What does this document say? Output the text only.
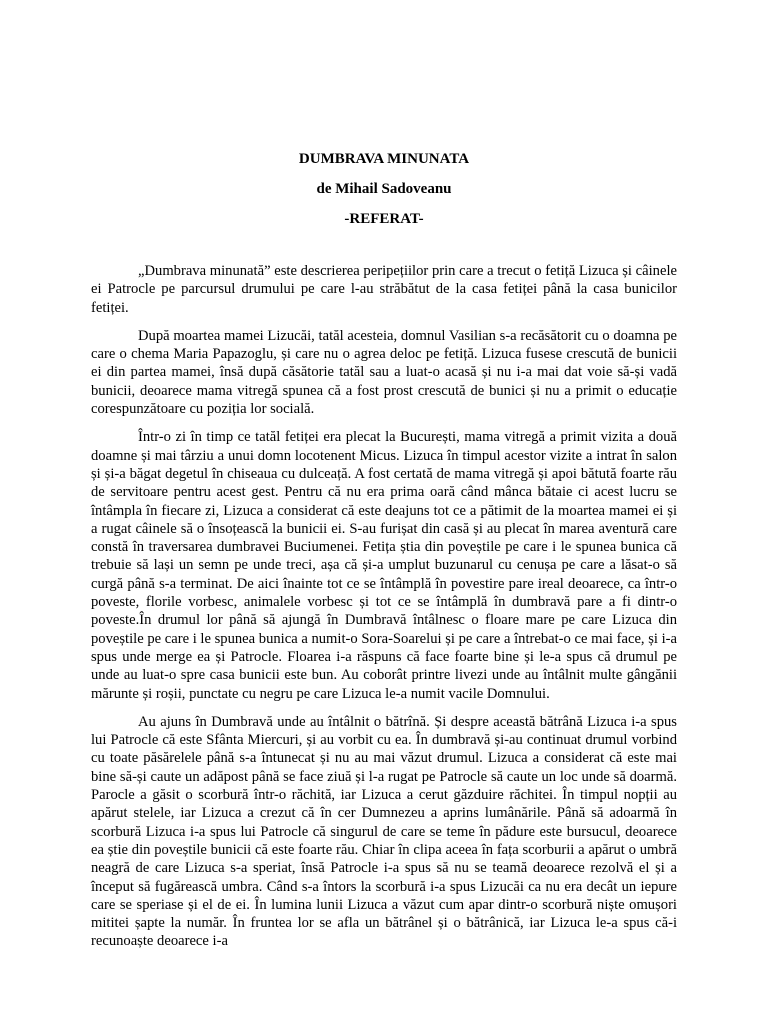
DUMBRAVA MINUNATA

de Mihail Sadoveanu

-REFERAT-

„Dumbrava minunată” este descrierea peripețiilor prin care a trecut o fetiță Lizuca și câinele ei Patrocle pe parcursul drumului pe care l-au străbătut de la casa fetiței până la casa bunicilor fetiței.

După moartea mamei Lizucăi, tatăl acesteia, domnul Vasilian s-a recăsătorit cu o doamna pe care o chema Maria Papazoglu, și care nu o agrea deloc pe fetiță. Lizuca fusese crescută de bunicii ei din partea mamei, însă după căsătorie tatăl sau a luat-o acasă și nu i-a mai dat voie să-și vadă bunicii, deoarece mama vitregă spunea că a fost prost crescută de bunici și nu a primit o educație corespunzătoare cu poziția lor socială.

Într-o zi în timp ce tatăl fetiței era plecat la București, mama vitregă a primit vizita a două doamne și mai târziu a unui domn locotenent Micus. Lizuca în timpul acestor vizite a intrat în salon și și-a băgat degetul în chiseaua cu dulceață. A fost certată de mama vitregă și apoi bătută foarte rău de servitoare pentru acest gest. Pentru că nu era prima oară când mânca bătaie ci acest lucru se întâmpla în fiecare zi, Lizuca a considerat că este deajuns tot ce a pătimit de la moartea mamei ei și a rugat câinele să o însoțească la bunicii ei. S-au furișat din casă și au plecat în marea aventură care constă în traversarea dumbravei Buciumenei. Fetița știa din poveștile pe care i le spunea bunica că trebuie să lași un semn pe unde treci, așa că și-a umplut buzunarul cu cenușa pe care a lăsat-o să curgă până s-a terminat. De aici înainte tot ce se întâmplă în povestire pare ireal deoarece, ca într-o poveste, florile vorbesc, animalele vorbesc și tot ce se întâmplă în dumbravă pare a fi dintr-o poveste.În drumul lor până să ajungă în Dumbravă întâlnesc o floare mare pe care Lizuca din poveștile pe care i le spunea bunica a numit-o Sora-Soarelui și pe care a întrebat-o ce mai face, și i-a spus unde merge ea și Patrocle. Floarea i-a răspuns că face foarte bine și le-a spus că drumul pe unde au luat-o spre casa bunicii este bun. Au coborât printre livezi unde au întâlnit multe gângănii mărunte și roșii, punctate cu negru pe care Lizuca le-a numit vacile Domnului.

Au ajuns în Dumbravă unde au întâlnit o bătrînă. Și despre această bătrână Lizuca i-a spus lui Patrocle că este Sfânta Miercuri, și au vorbit cu ea. În dumbravă și-au continuat drumul vorbind cu toate păsărelele până s-a întunecat și nu au mai văzut drumul. Lizuca a considerat că este mai bine să-și caute un adăpost până se face ziuă și l-a rugat pe Patrocle să caute un loc unde să doarmă. Parocle a găsit o scorbură într-o răchită, iar Lizuca a cerut găzduire răchitei. În timpul nopții au apărut stelele, iar Lizuca a crezut că în cer Dumnezeu a aprins lumânările. Până să adoarmă în scorbură Lizuca i-a spus lui Patrocle că singurul de care se teme în pădure este bursucul, deoarece ea știe din poveștile bunicii că este foarte rău. Chiar în clipa aceea în fața scorburii a apărut o umbră neagră de care Lizuca s-a speriat, însă Patrocle i-a spus să nu se teamă deoarece rezolvă el și a început să fugărească umbra. Când s-a întors la scorbură i-a spus Lizucăi ca nu era decât un iepure care se speriase și el de ei. În lumina lunii Lizuca a văzut cum apar dintr-o scorbură niște omușori mititei șapte la număr. În fruntea lor se afla un bătrânel și o bătrânică, iar Lizuca le-a spus că-i recunoaște deoarece i-a
